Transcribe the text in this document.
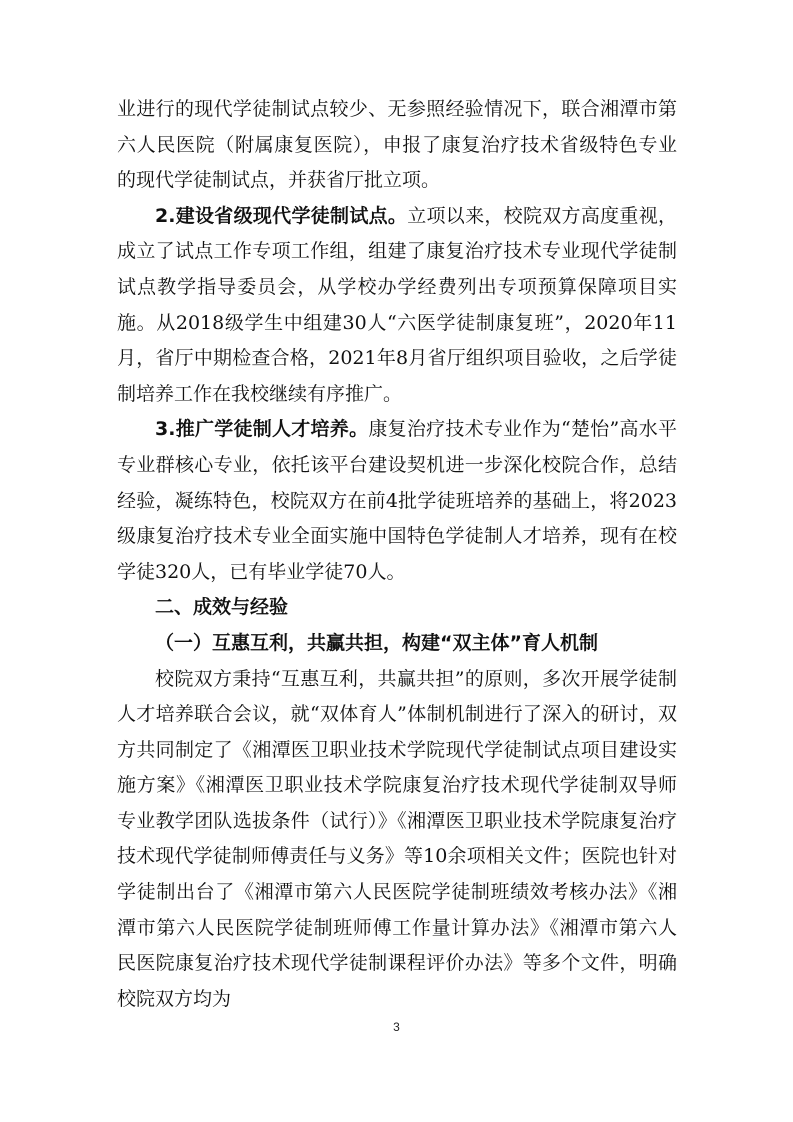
业进行的现代学徒制试点较少、无参照经验情况下，联合湘潭市第六人民医院（附属康复医院），申报了康复治疗技术省级特色专业的现代学徒制试点，并获省厅批立项。

2.建设省级现代学徒制试点。立项以来，校院双方高度重视，成立了试点工作专项工作组，组建了康复治疗技术专业现代学徒制试点教学指导委员会，从学校办学经费列出专项预算保障项目实施。从2018级学生中组建30人“六医学徒制康复班”，2020年11月，省厅中期检查合格，2021年8月省厅组织项目验收，之后学徒制培养工作在我校继续有序推广。

3.推广学徒制人才培养。康复治疗技术专业作为“楚怡”高水平专业群核心专业，依托该平台建设契机进一步深化校院合作，总结经验，凝练特色，校院双方在前4批学徒班培养的基础上，将2023级康复治疗技术专业全面实施中国特色学徒制人才培养，现有在校学徒320人，已有毕业学徒70人。

二、成效与经验

（一）互惠互利，共赢共担，构建“双主体”育人机制

校院双方秉持“互惠互利，共赢共担”的原则，多次开展学徒制人才培养联合会议，就“双体育人”体制机制进行了深入的研讨，双方共同制定了《湘潭医卫职业技术学院现代学徒制试点项目建设实施方案》《湘潭医卫职业技术学院康复治疗技术现代学徒制双导师专业教学团队选拔条件（试行）》《湘潭医卫职业技术学院康复治疗技术现代学徒制师傅责任与义务》等10余项相关文件；医院也针对学徒制出台了《湘潭市第六人民医院学徒制班绩效考核办法》《湘潭市第六人民医院学徒制班师傅工作量计算办法》《湘潭市第六人民医院康复治疗技术现代学徒制课程评价办法》等多个文件，明确校院双方均为

3
